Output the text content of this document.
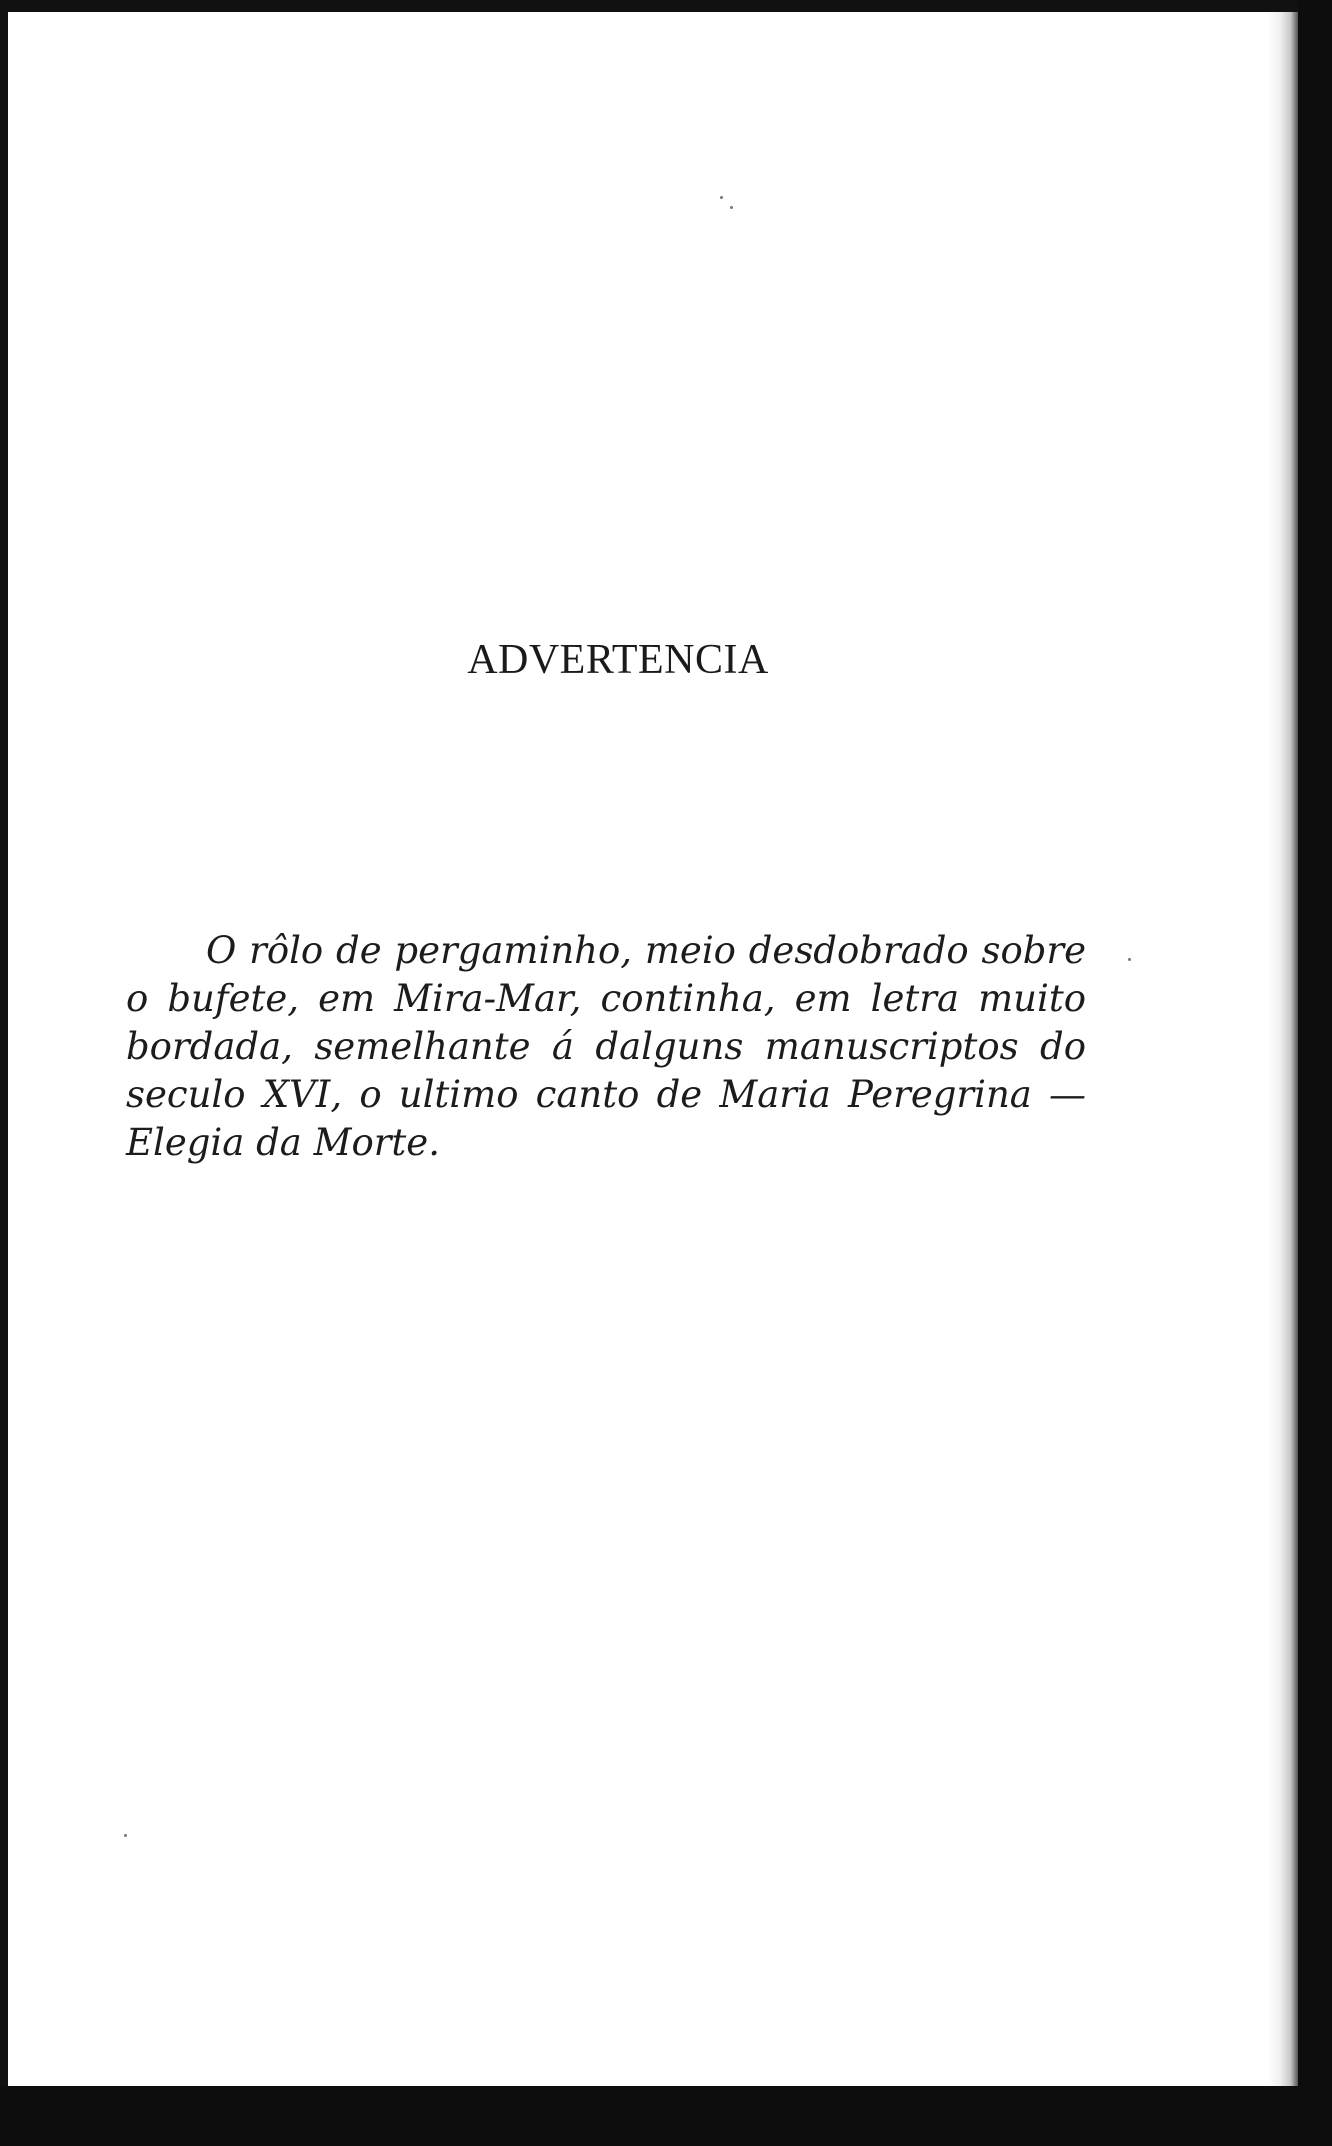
ADVERTENCIA

O rôlo de pergaminho, meio desdobrado sobre o bufete, em Mira-Mar, continha, em letra muito bordada, semelhante á dalguns manuscriptos do seculo XVI, o ultimo canto de Maria Peregrina — Elegia da Morte.
